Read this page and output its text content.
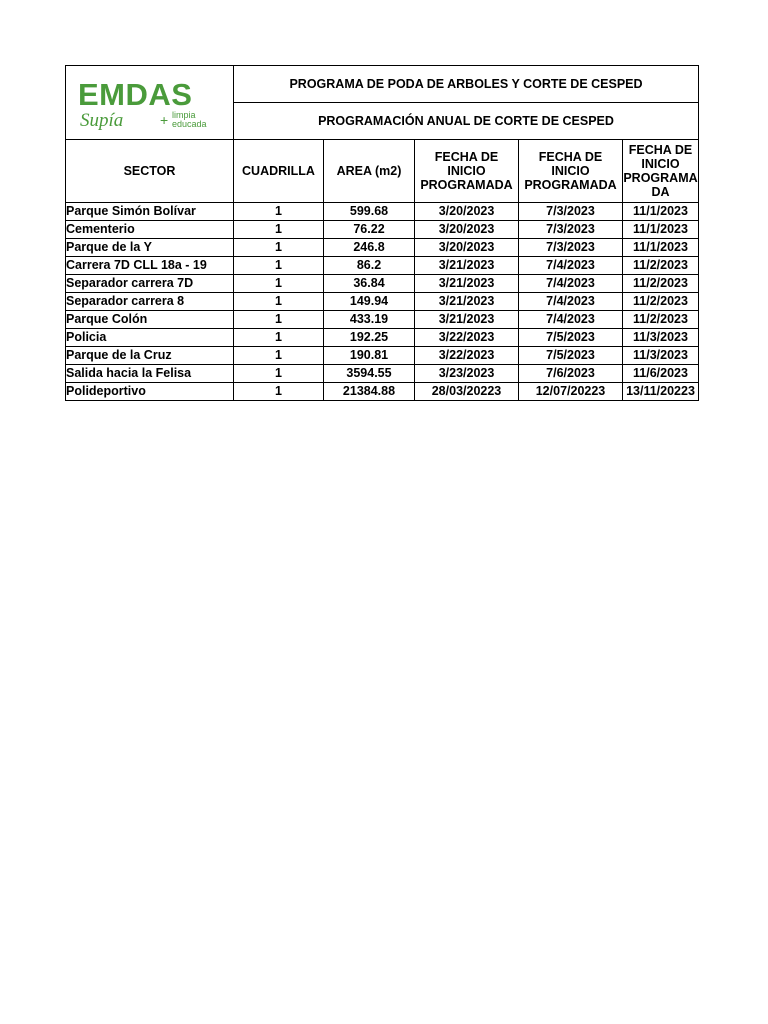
EMDAS
Supía + limpia
educada	PROGRAMA DE PODA DE ARBOLES Y CORTE DE CESPED				
	PROGRAMACIÓN ANUAL DE CORTE DE CESPED				
SECTOR	CUADRILLA	AREA (m2)	FECHA DE INICIO PROGRAMADA	FECHA DE INICIO PROGRAMADA	FECHA DE INICIO PROGRAMA DA
Parque Simón Bolívar	1	599.68	3/20/2023	7/3/2023	11/1/2023
Cementerio	1	76.22	3/20/2023	7/3/2023	11/1/2023
Parque de la Y	1	246.8	3/20/2023	7/3/2023	11/1/2023
Carrera 7D CLL 18a - 19	1	86.2	3/21/2023	7/4/2023	11/2/2023
Separador carrera 7D	1	36.84	3/21/2023	7/4/2023	11/2/2023
Separador carrera 8	1	149.94	3/21/2023	7/4/2023	11/2/2023
Parque Colón	1	433.19	3/21/2023	7/4/2023	11/2/2023
Policia	1	192.25	3/22/2023	7/5/2023	11/3/2023
Parque de la Cruz	1	190.81	3/22/2023	7/5/2023	11/3/2023
Salida hacia la Felisa	1	3594.55	3/23/2023	7/6/2023	11/6/2023
Polideportivo	1	21384.88	28/03/20223	12/07/20223	13/11/20223
